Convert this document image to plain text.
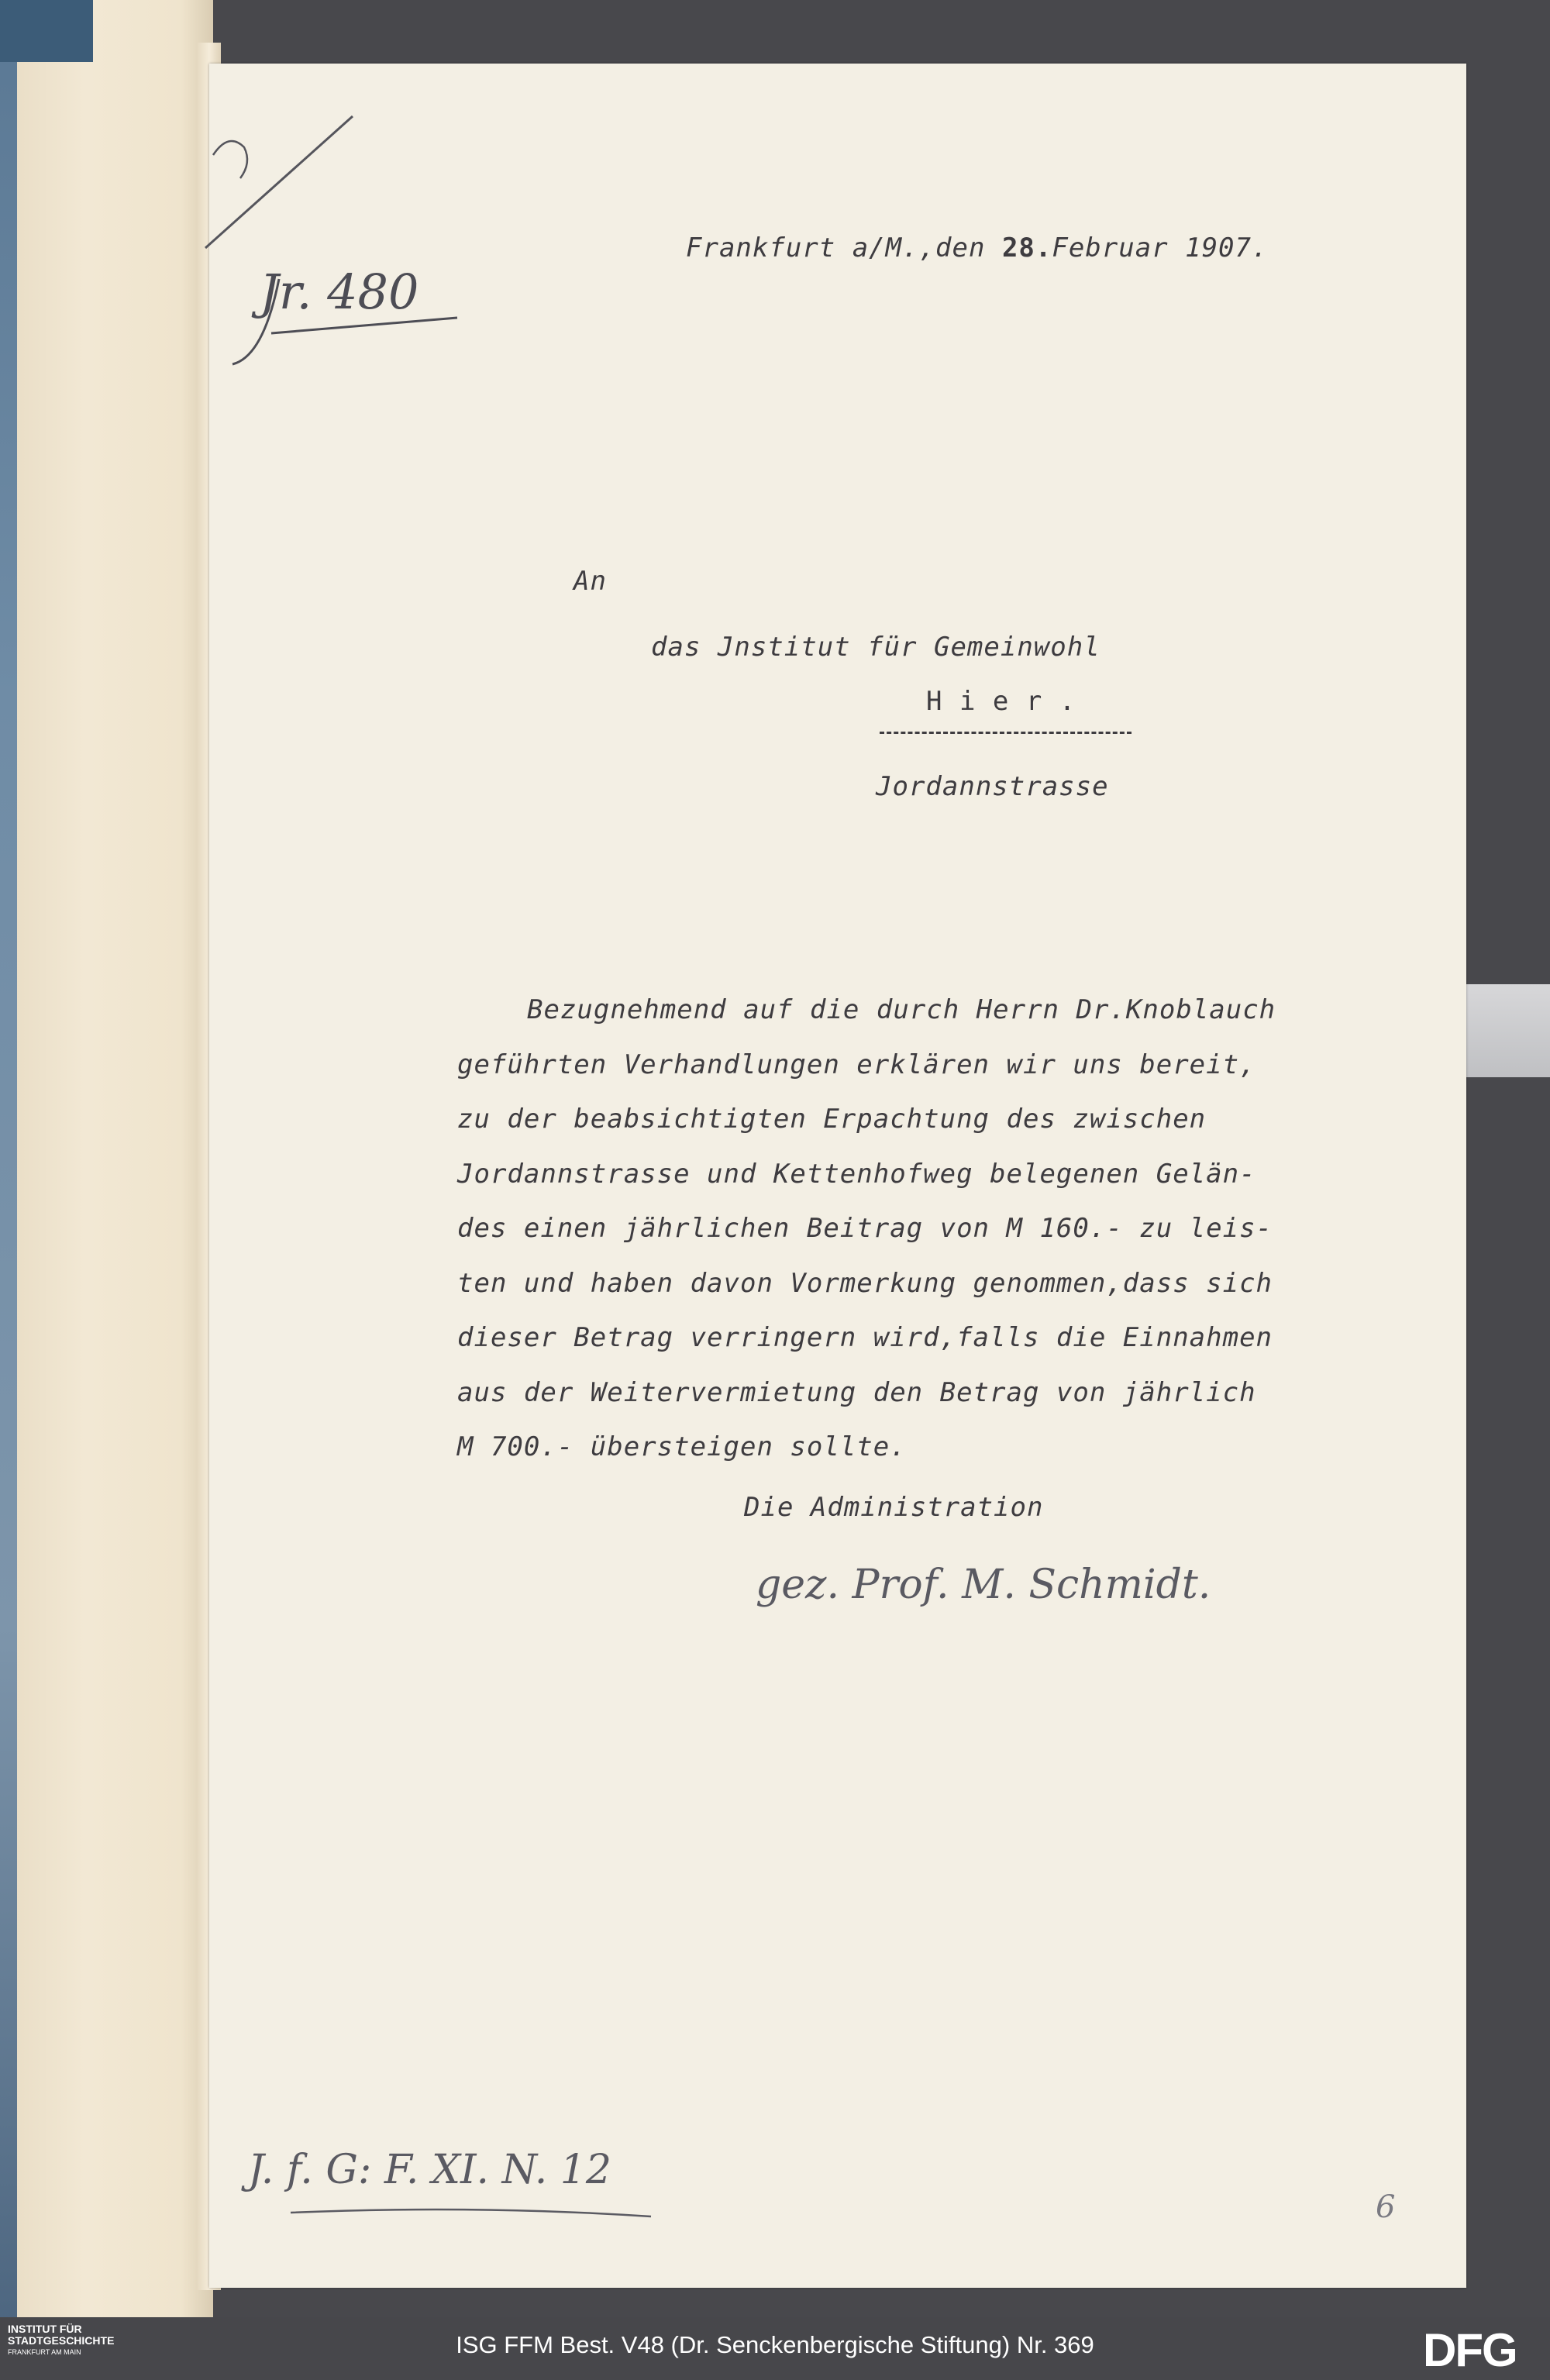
Jr. 480
Frankfurt a/M.,den 28.Februar 1907.
An
das Jnstitut für Gemeinwohl
H i e r .
Jordannstrasse
Bezugnehmend auf die durch Herrn Dr.Knoblauch
geführten Verhandlungen erklären wir uns bereit,
zu der beabsichtigten Erpachtung des zwischen
Jordannstrasse und Kettenhofweg belegenen Gelän-
des einen jährlichen Beitrag von M 160.- zu leis-
ten und haben davon Vormerkung genommen,dass sich
dieser Betrag verringern wird,falls die Einnahmen
aus der Weitervermietung den Betrag von jährlich
M 700.- übersteigen sollte.
Die Administration
gez. Prof. M. Schmidt.
J. f. G: F. XI. N. 12
6
INSTITUT FÜR
STADTGESCHICHTE
FRANKFURT AM MAIN	ISG FFM Best. V48 (Dr. Senckenbergische Stiftung) Nr. 369	DFG
